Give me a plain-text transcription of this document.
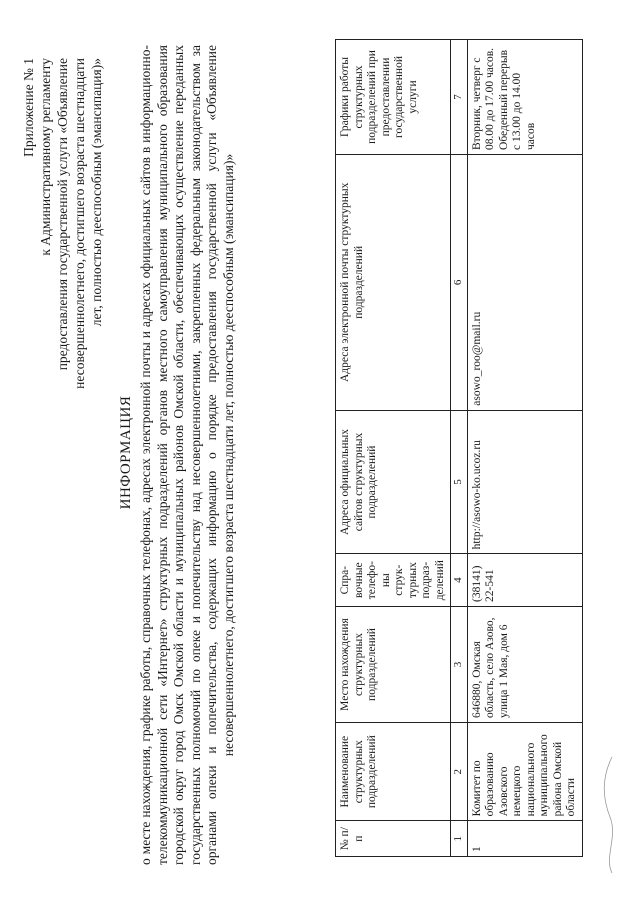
Приложение № 1 к Административному регламенту предоставления государственной услуги «Объявление несовершеннолетнего, достигшего возраста шестнадцати лет, полностью дееспособным (эмансипация)»
ИНФОРМАЦИЯ о месте нахождения, графике работы, справочных телефонах, адресах электронной почты и адресах официальных сайтов в информационно-телекоммуникационной сети «Интернет» структурных подразделений органов местного самоуправления муниципального образования городской округ город Омск Омской области и муниципальных районов Омской области, обеспечивающих осуществление переданных государственных полномочий по опеке и попечительству над несовершеннолетними, закрепленных федеральным законодательством за органами опеки и попечительства, содержащих информацию о порядке предоставления государственной услуги «Объявление несовершеннолетнего, достигшего возраста шестнадцати лет, полностью дееспособным (эмансипация)»
№ п/п	Наименование структурных подразделений	Место нахождения структурных подразделений	Спра-вочные телефо-ны струк-турных подраз-делений	Адреса официальных сайтов структурных подразделений	Адреса электронной почты структурных подразделений	Графики работы структурных подразделений при предоставлении государственной услуги
1	2	3	4	5	6	7
1	Комитет по образованию Азовского немецкого национального муниципального района Омской области	646880, Омская область, село Азово, улица 1 Мая, дом 6	(38141) 22-541	http://asowo-ko.ucoz.ru	asowo_roo@mail.ru	Вторник, четверг с 08.00 до 17.00 часов. Обеденный перерыв с 13.00 до 14.00 часов
